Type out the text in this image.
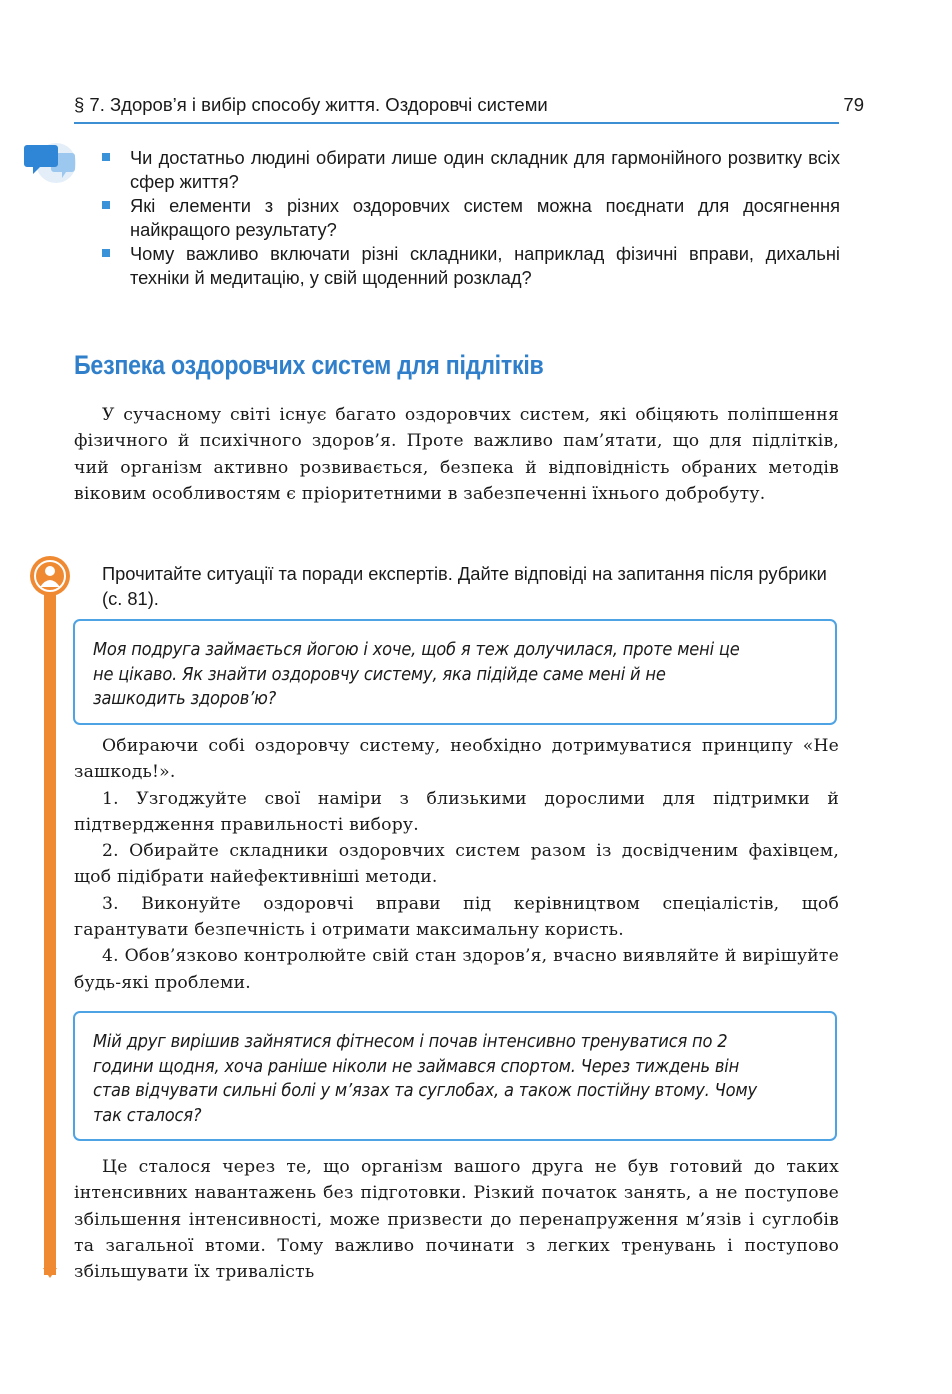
§ 7. Здоров’я і вибір способу життя. Оздоровчі системи	79
Чи достатньо людині обирати лише один складник для гармонійного розвитку всіх сфер життя?
Які елементи з різних оздоровчих систем можна поєднати для досягнення найкращого результату?
Чому важливо включати різні складники, наприклад фізичні вправи, дихальні техніки й медитацію, у свій щоденний розклад?
Безпека оздоровчих систем для підлітків

У сучасному світі існує багато оздоровчих систем, які обіцяють поліпшення фізичного й психічного здоров’я. Проте важливо пам’ятати, що для підлітків, чий організм активно розвивається, безпека й відповідність обраних методів віковим особливостям є пріоритетними в забезпеченні їхнього добробуту.

Прочитайте ситуації та поради експертів. Дайте відповіді на запитання після рубрики (с. 81).

Моя подруга займається йогою і хоче, щоб я теж долучилася, проте мені це не цікаво. Як знайти оздоровчу систему, яка підійде саме мені й не зашкодить здоров’ю?

Обираючи собі оздоровчу систему, необхідно дотримуватися принципу «Не зашкодь!».
1. Узгоджуйте свої наміри з близькими дорослими для підтримки й підтвердження правильності вибору.
2. Обирайте складники оздоровчих систем разом із досвідченим фахівцем, щоб підібрати найефективніші методи.
3. Виконуйте оздоровчі вправи під керівництвом спеціалістів, щоб гарантувати безпечність і отримати максимальну користь.
4. Обов’язково контролюйте свій стан здоров’я, вчасно виявляйте й вирішуйте будь-які проблеми.

Мій друг вирішив зайнятися фітнесом і почав інтенсивно тренуватися по 2 години щодня, хоча раніше ніколи не займався спортом. Через тиждень він став відчувати сильні болі у м’язах та суглобах, а також постійну втому. Чому так сталося?

Це сталося через те, що організм вашого друга не був готовий до таких інтенсивних навантажень без підготовки. Різкий початок занять, а не поступове збільшення інтенсивності, може призвести до перенапруження м’язів і суглобів та загальної втоми. Тому важливо починати з легких тренувань і поступово збільшувати їх тривалість
